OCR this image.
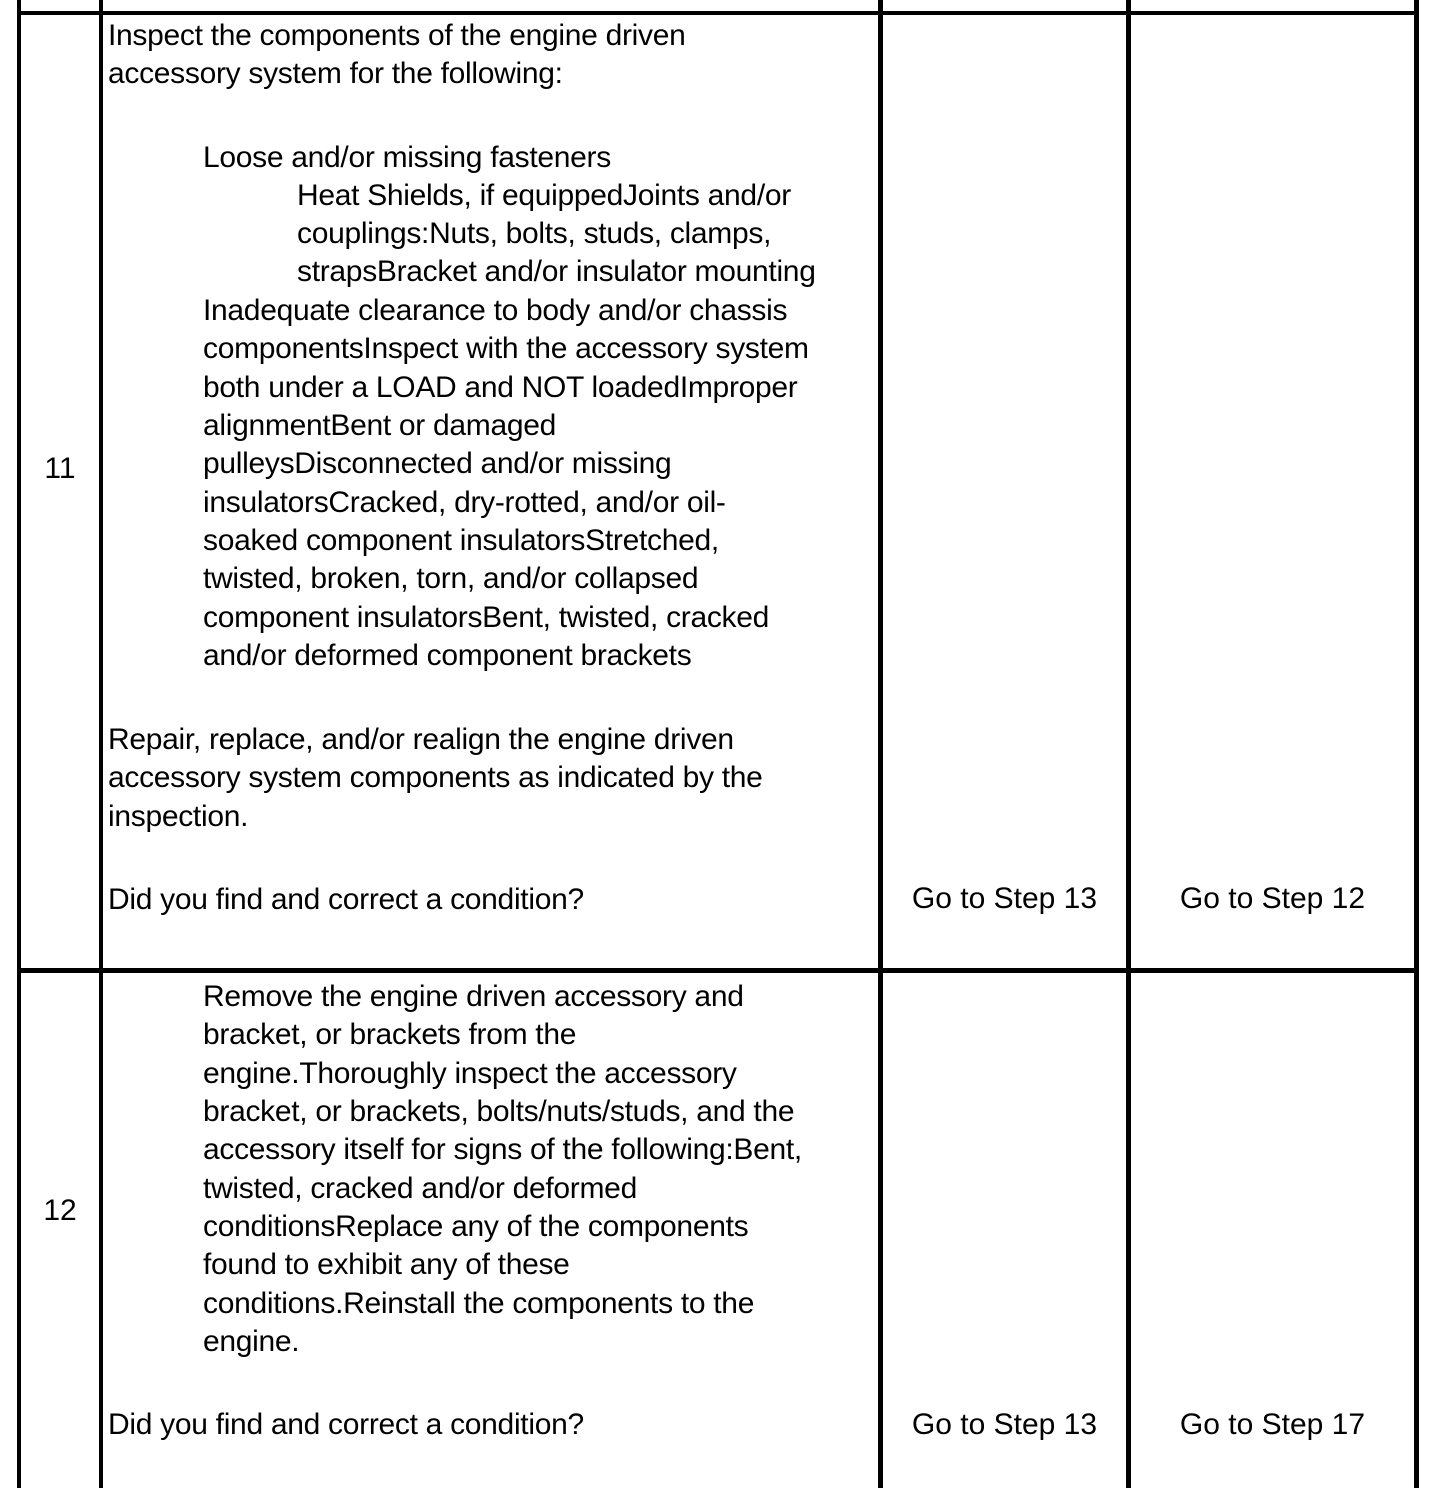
11
Inspect the components of the engine driven
accessory system for the following:
Loose and/or missing fasteners
Heat Shields, if equippedJoints and/or
couplings:Nuts, bolts, studs, clamps,
strapsBracket and/or insulator mounting
Inadequate clearance to body and/or chassis
componentsInspect with the accessory system
both under a LOAD and NOT loadedImproper
alignmentBent or damaged
pulleysDisconnected and/or missing
insulatorsCracked, dry-rotted, and/or oil-
soaked component insulatorsStretched,
twisted, broken, torn, and/or collapsed
component insulatorsBent, twisted, cracked
and/or deformed component brackets
Repair, replace, and/or realign the engine driven
accessory system components as indicated by the
inspection.
Did you find and correct a condition?	Go to Step 13	Go to Step 12
12
Remove the engine driven accessory and
bracket, or brackets from the
engine.Thoroughly inspect the accessory
bracket, or brackets, bolts/nuts/studs, and the
accessory itself for signs of the following:Bent,
twisted, cracked and/or deformed
conditionsReplace any of the components
found to exhibit any of these
conditions.Reinstall the components to the
engine.
Did you find and correct a condition?	Go to Step 13	Go to Step 17
